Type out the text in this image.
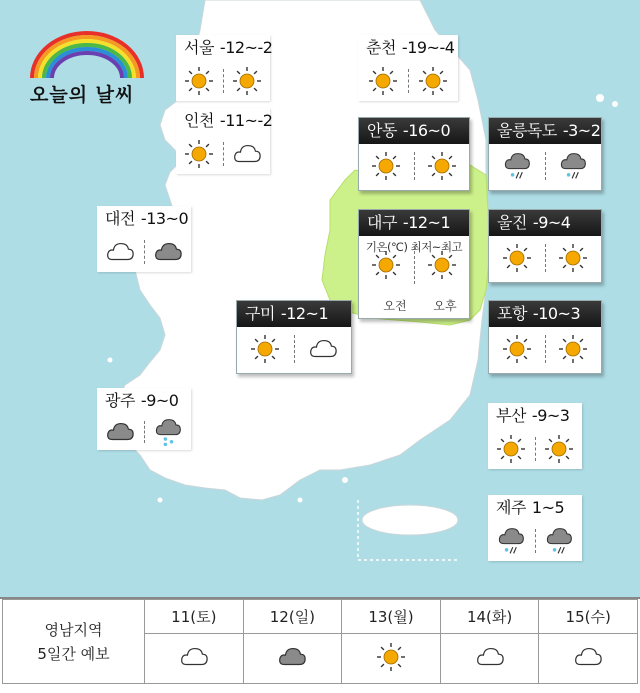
오늘의 날씨
서울 -12~-2	춘천 -19~-4
인천 -11~-2
안동 -16~0	울릉독도 -3~2
대전 -13~0	대구 -12~1
기온(℃) 최저~최고
오전	오후
울진 -9~4
구미 -12~1	포항 -10~3
광주 -9~0
부산 -9~3
제주 1~5
영남지역
5일간 예보	11(토)	12(일)	13(월)	14(화)	15(수)
